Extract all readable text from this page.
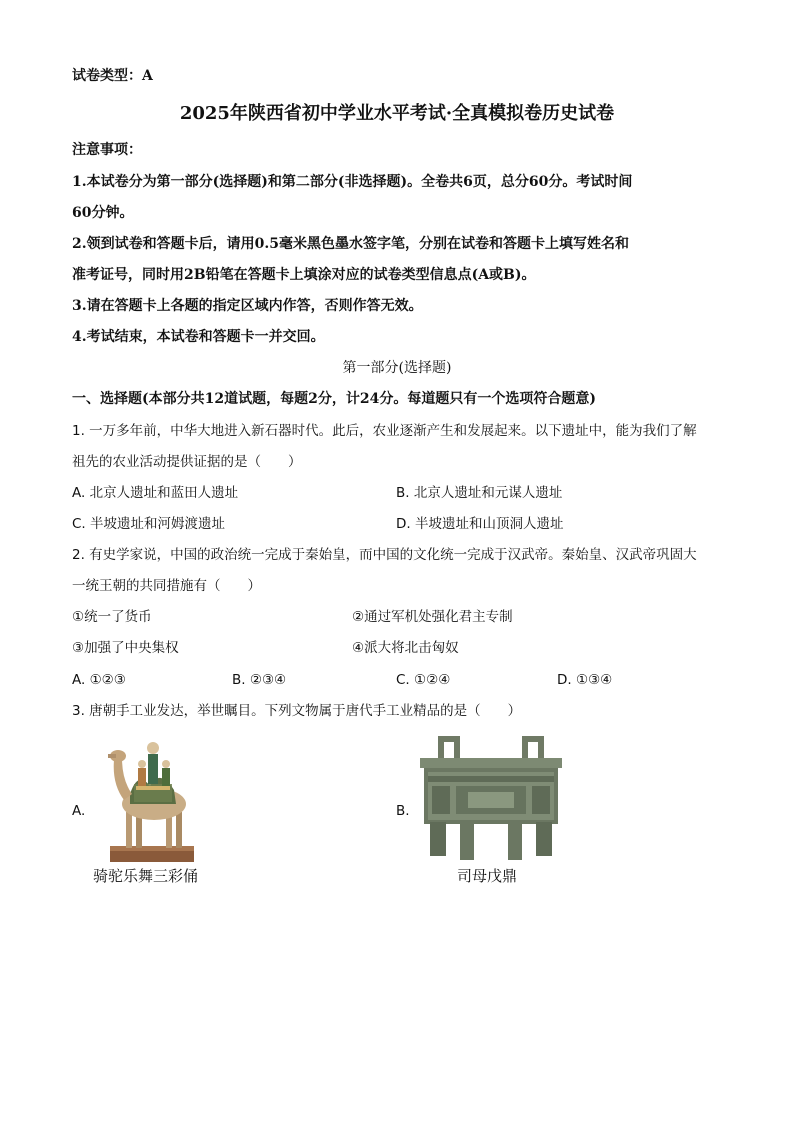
试卷类型：A
2025年陕西省初中学业水平考试·全真模拟卷历史试卷
注意事项：
1.本试卷分为第一部分(选择题)和第二部分(非选择题)。全卷共6页，总分60分。考试时间
60分钟。
2.领到试卷和答题卡后，请用0.5毫米黑色墨水签字笔，分别在试卷和答题卡上填写姓名和
准考证号，同时用2B铅笔在答题卡上填涂对应的试卷类型信息点(A或B)。
3.请在答题卡上各题的指定区域内作答，否则作答无效。
4.考试结束，本试卷和答题卡一并交回。
第一部分(选择题)
一、选择题(本部分共12道试题，每题2分，计24分。每道题只有一个选项符合题意)
1. 一万多年前，中华大地进入新石器时代。此后，农业逐渐产生和发展起来。以下遗址中，能为我们了解
祖先的农业活动提供证据的是（　　）
A. 北京人遗址和蓝田人遗址	B. 北京人遗址和元谋人遗址
C. 半坡遗址和河姆渡遗址	D. 半坡遗址和山顶洞人遗址
2. 有史学家说，中国的政治统一完成于秦始皇，而中国的文化统一完成于汉武帝。秦始皇、汉武帝巩固大
一统王朝的共同措施有（　　）
①统一了货币	②通过军机处强化君主专制
③加强了中央集权	④派大将北击匈奴
A. ①②③	B. ②③④	C. ①②④	D. ①③④
3. 唐朝手工业发达，举世瞩目。下列文物属于唐代手工业精品的是（　　）
A.
骑驼乐舞三彩俑
B.
司母戊鼎
